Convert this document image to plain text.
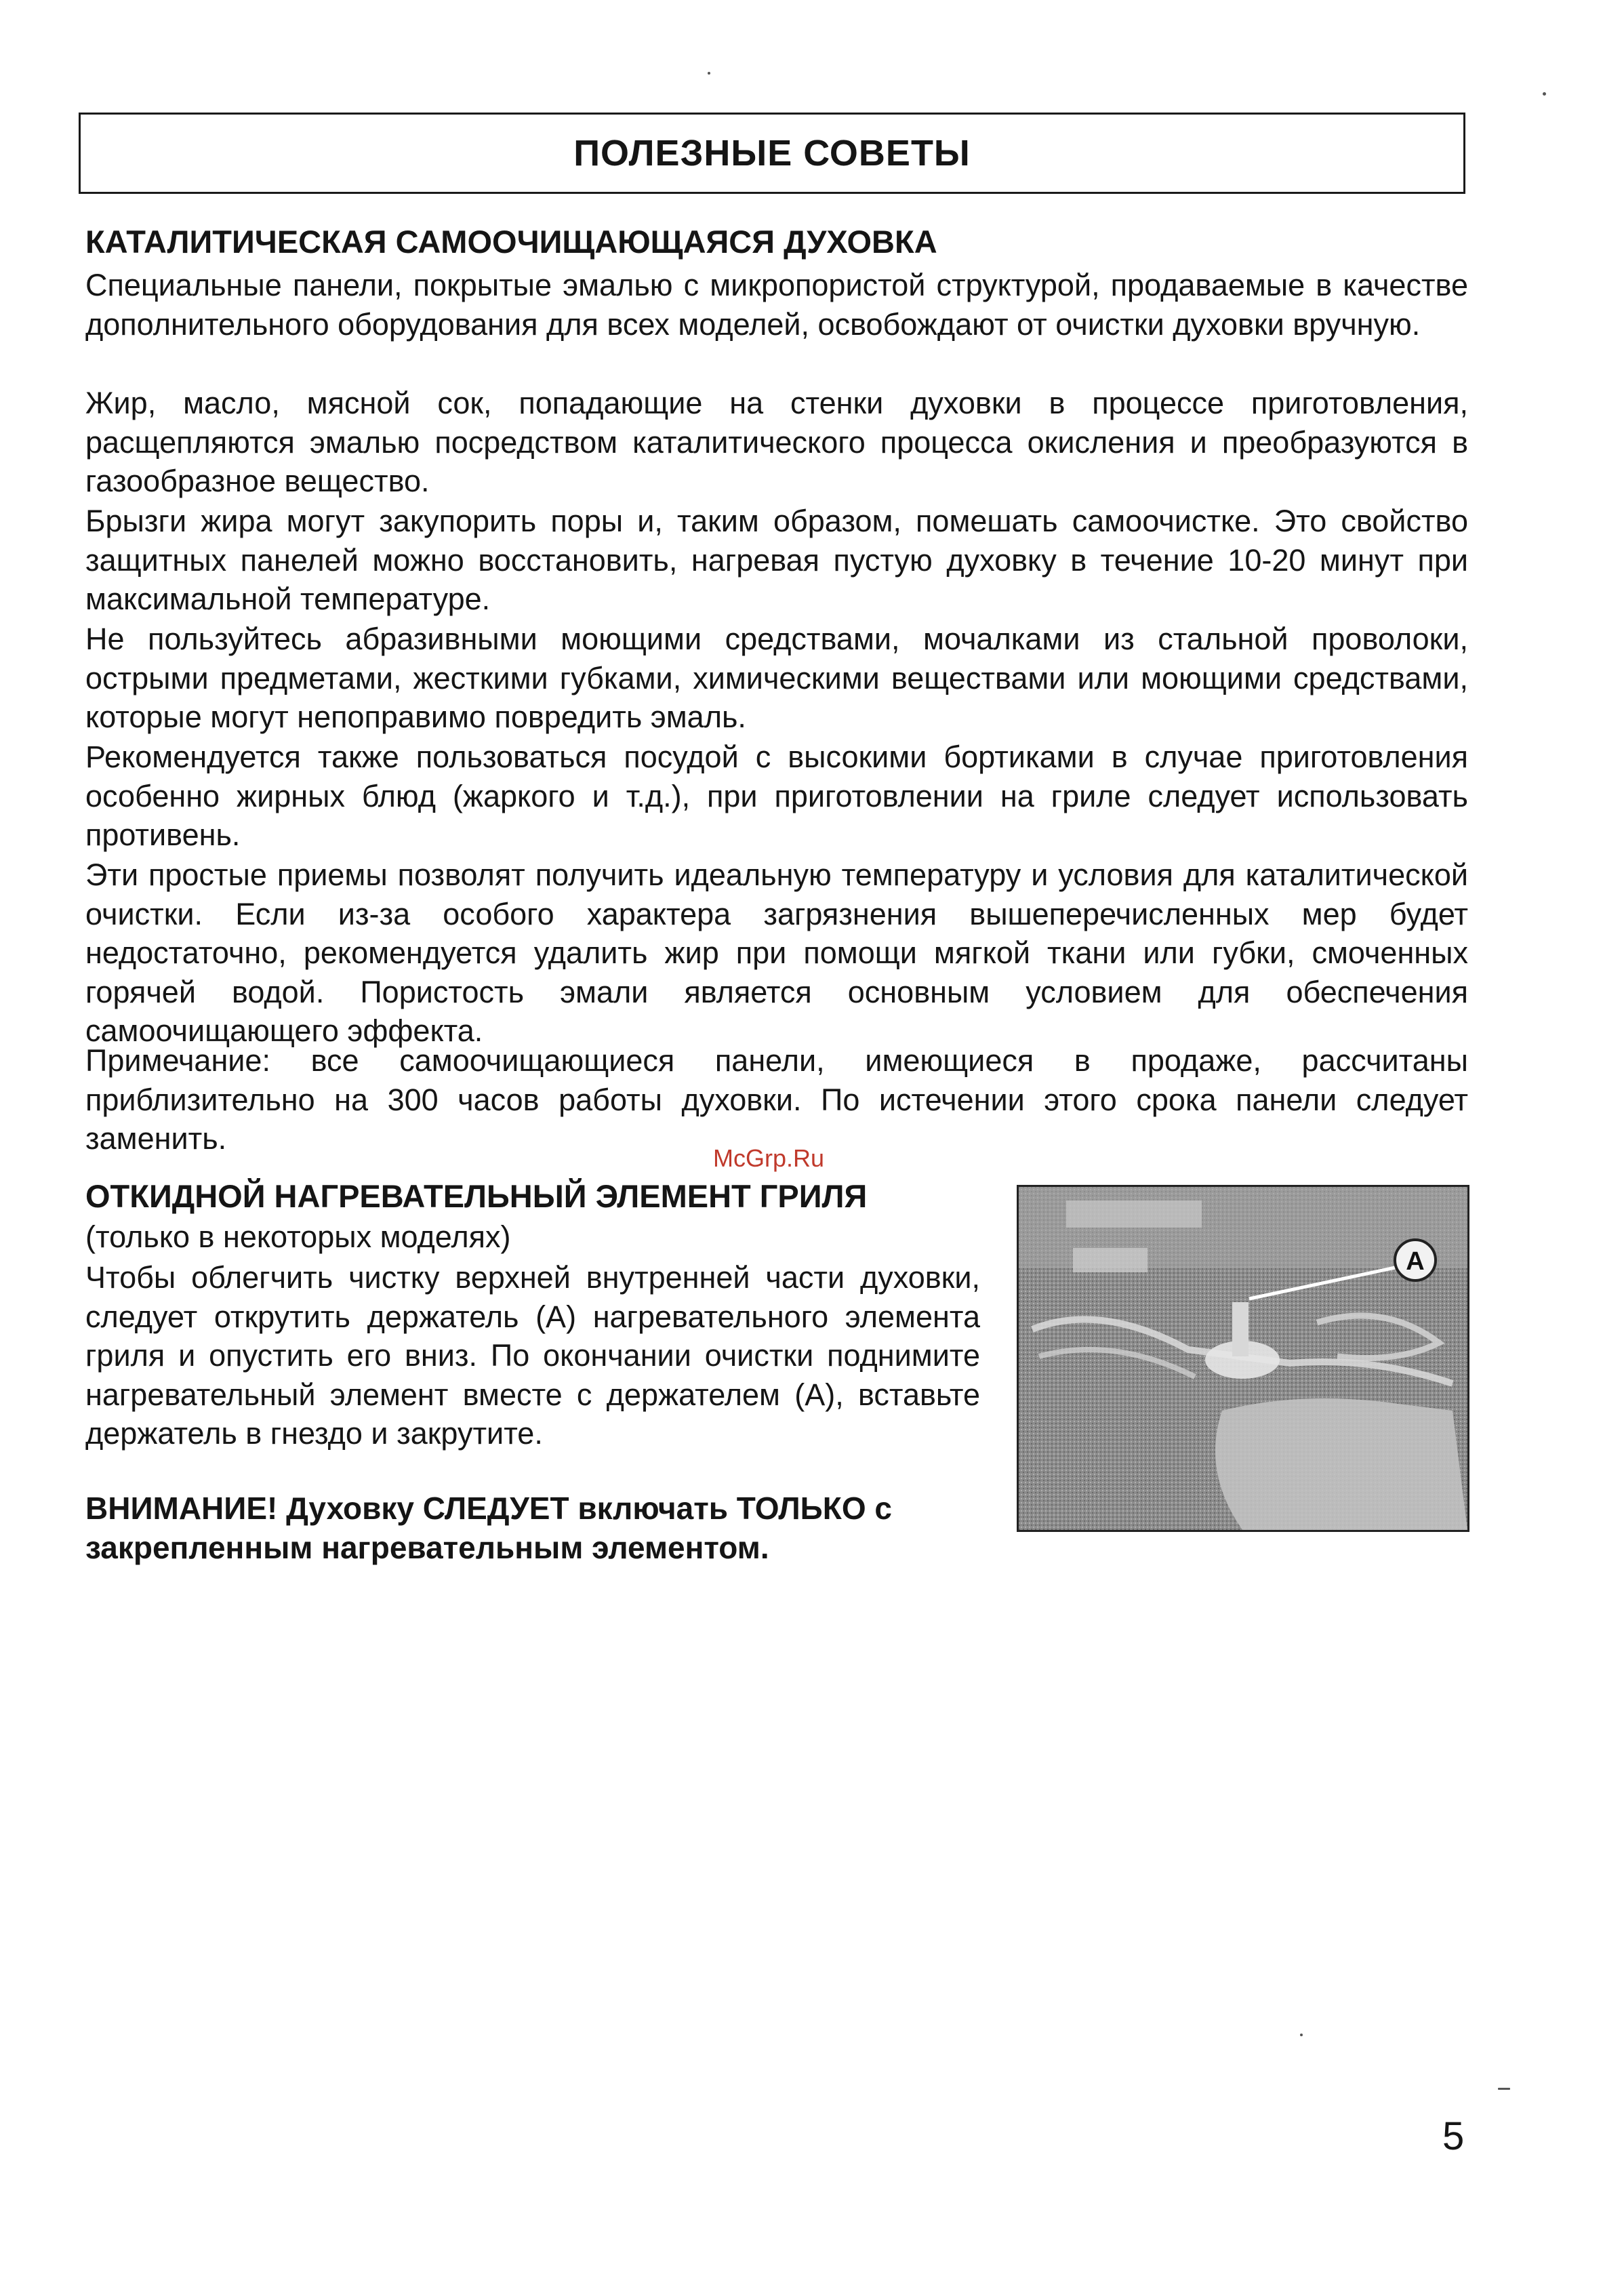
ПОЛЕЗНЫЕ СОВЕТЫ
КАТАЛИТИЧЕСКАЯ САМООЧИЩАЮЩАЯСЯ ДУХОВКА

Специальные панели, покрытые эмалью с микропористой структурой, продаваемые в качестве дополнительного оборудования для всех моделей, освобождают от очистки духовки вручную.

Жир, масло, мясной сок, попадающие на стенки духовки в процессе приготовления, расщепляются эмалью посредством каталитического процесса окисления и преобразуются в газообразное вещество.

Брызги жира могут закупорить поры и, таким образом, помешать самоочистке. Это свойство защитных панелей можно восстановить, нагревая пустую духовку в течение 10-20 минут при максимальной температуре.

Не пользуйтесь абразивными моющими средствами, мочалками из стальной проволоки, острыми предметами, жесткими губками, химическими веществами или моющими средствами, которые могут непоправимо повредить эмаль.

Рекомендуется также пользоваться посудой с высокими бортиками в случае приготовления особенно жирных блюд (жаркого и т.д.), при приготовлении на гриле следует использовать противень.

Эти простые приемы позволят получить идеальную температуру и условия для каталитической очистки. Если из-за особого характера загрязнения вышеперечисленных мер будет недостаточно, рекомендуется удалить жир при помощи мягкой ткани или губки, смоченных горячей водой. Пористость эмали является основным условием для обеспечения самоочищающего эффекта.

Примечание: все самоочищающиеся панели, имеющиеся в продаже, рассчитаны приблизительно на 300 часов работы духовки. По истечении этого срока панели следует заменить.

McGrp.Ru
ОТКИДНОЙ НАГРЕВАТЕЛЬНЫЙ ЭЛЕМЕНТ ГРИЛЯ

(только в некоторых моделях)

Чтобы облегчить чистку верхней внутренней части духовки, следует открутить держатель (А) нагревательного элемента гриля и опустить его вниз. По окончании очистки поднимите нагревательный элемент вместе с держателем (А), вставьте держатель в гнездо и закрутите.

ВНИМАНИЕ! Духовку СЛЕДУЕТ включать ТОЛЬКО с закрепленным нагревательным элементом.

A
5
